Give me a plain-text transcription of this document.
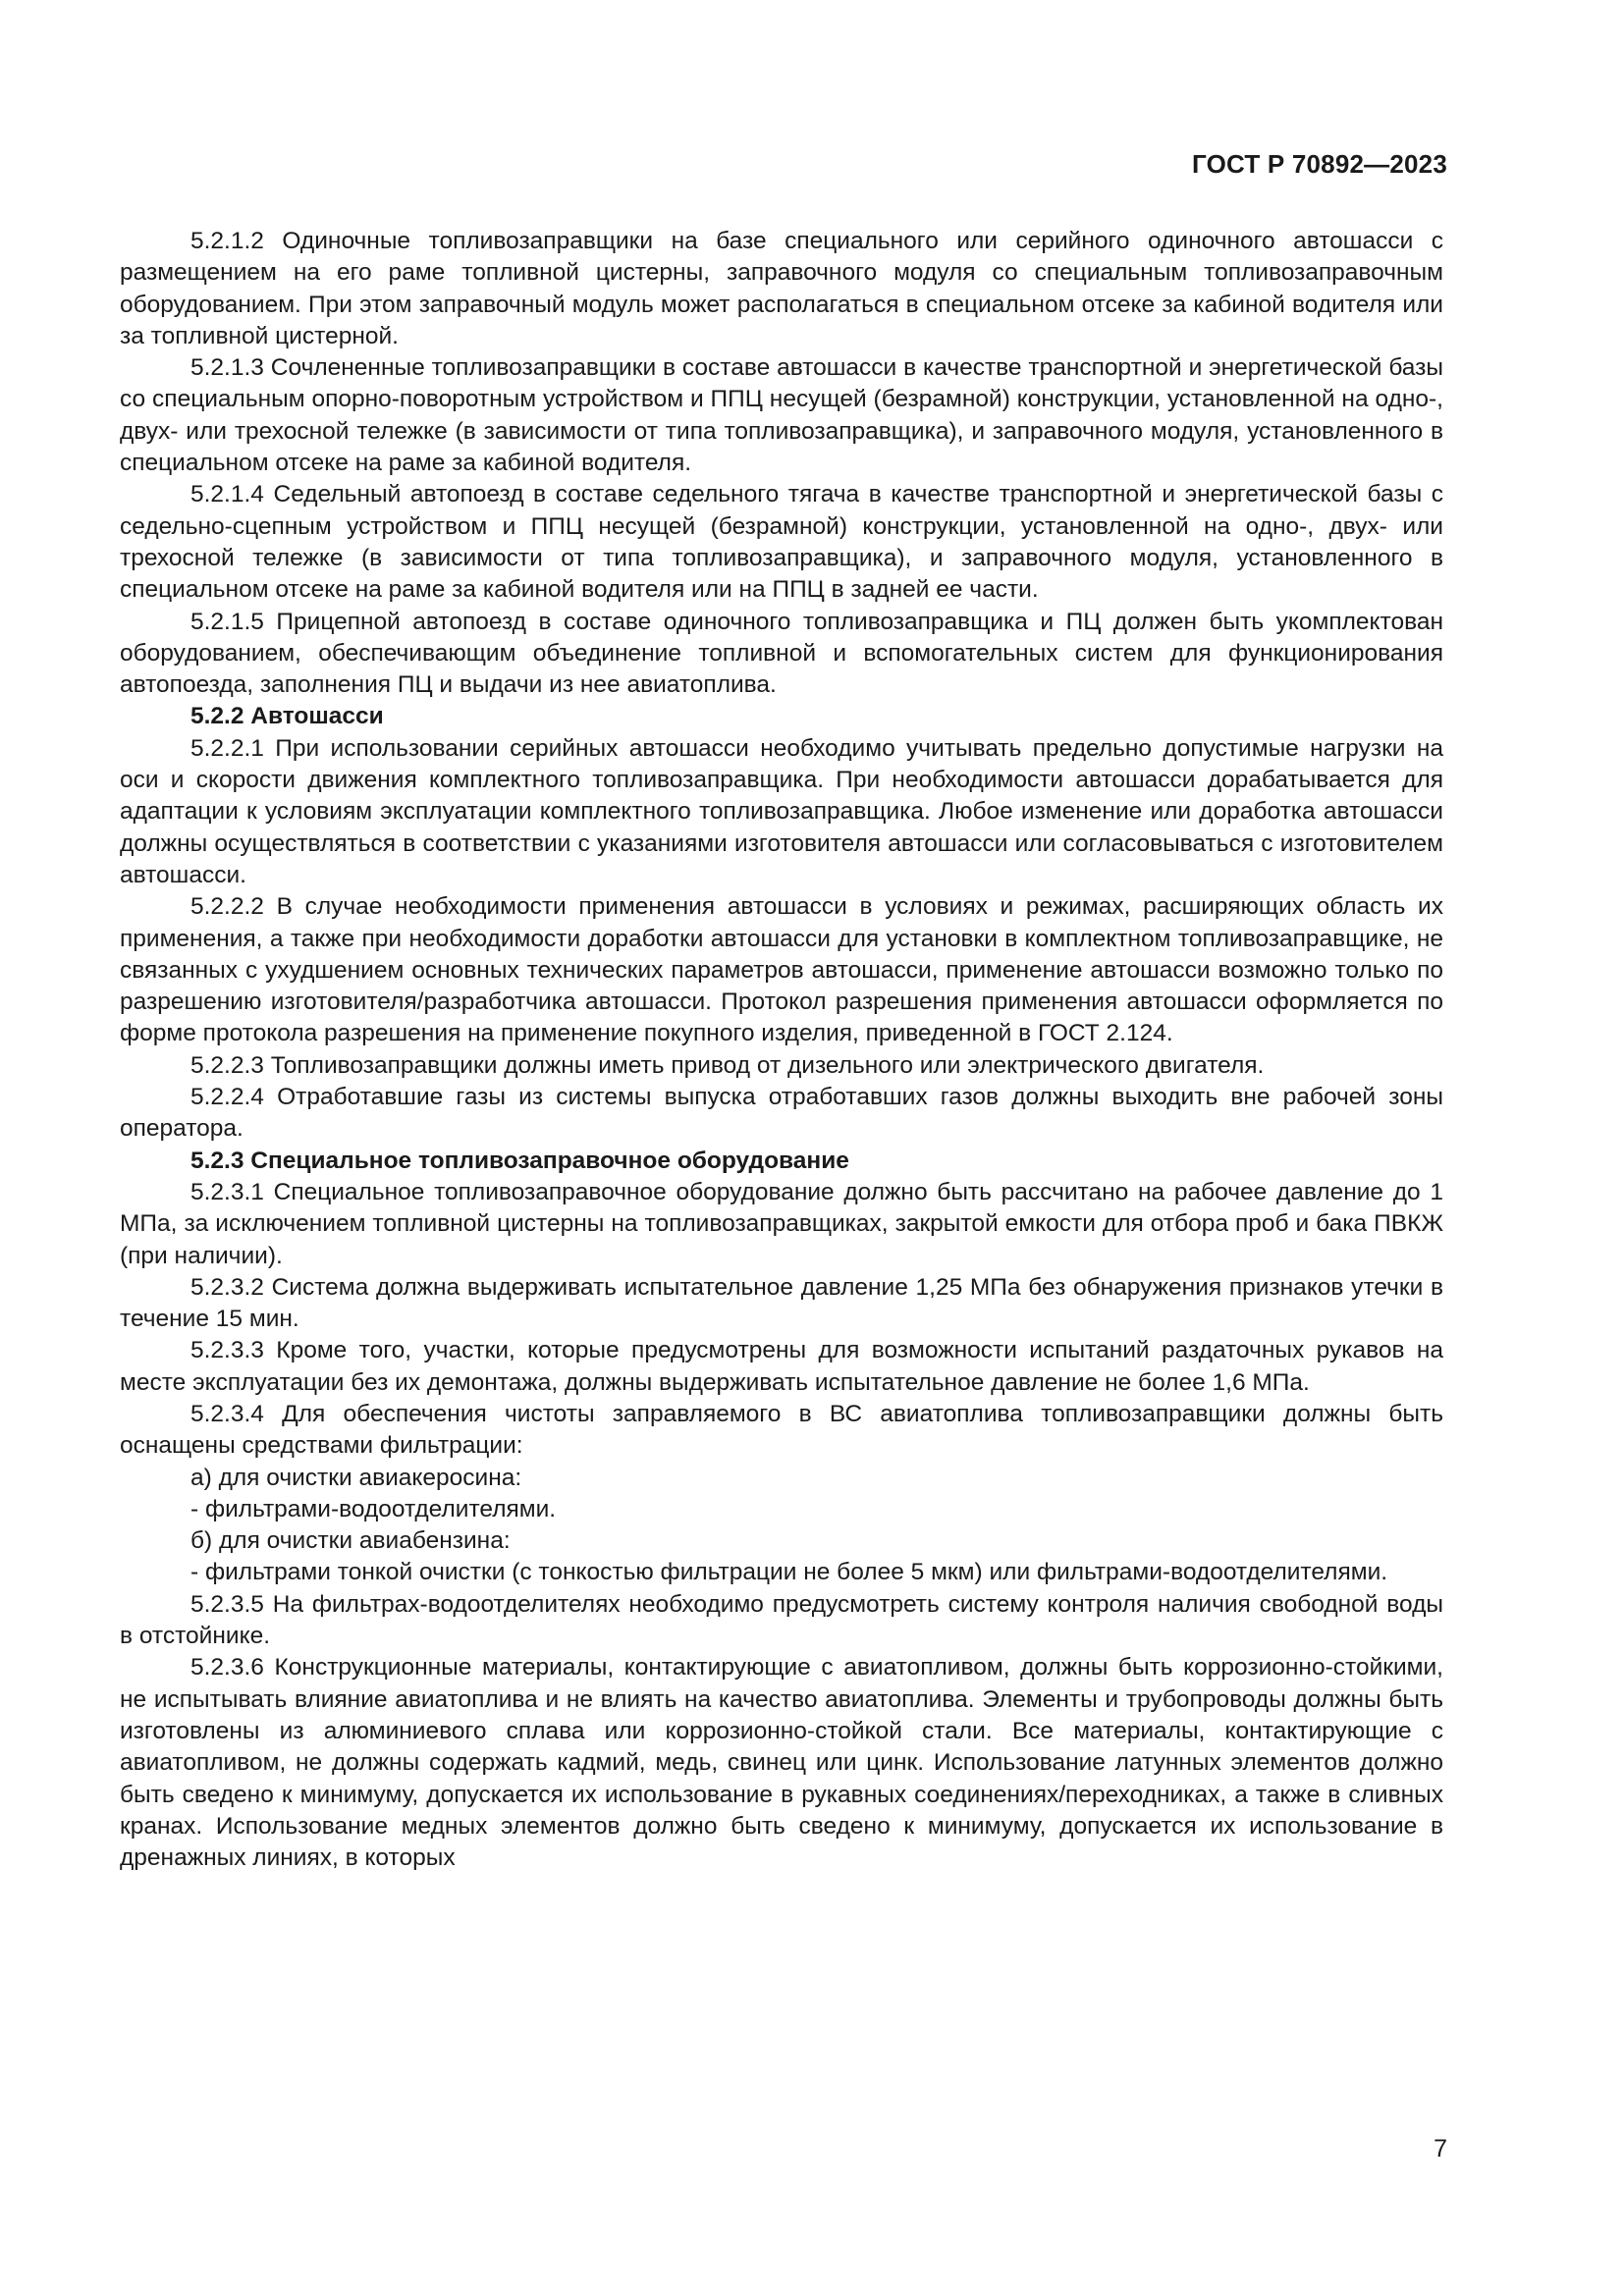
ГОСТ Р 70892—2023

5.2.1.2 Одиночные топливозаправщики на базе специального или серийного одиночного автошасси с размещением на его раме топливной цистерны, заправочного модуля со специальным топливозаправочным оборудованием. При этом заправочный модуль может располагаться в специальном отсеке за кабиной водителя или за топливной цистерной.

5.2.1.3 Сочлененные топливозаправщики в составе автошасси в качестве транспортной и энергетической базы со специальным опорно-поворотным устройством и ППЦ несущей (безрамной) конструкции, установленной на одно-, двух- или трехосной тележке (в зависимости от типа топливозаправщика), и заправочного модуля, установленного в специальном отсеке на раме за кабиной водителя.

5.2.1.4 Седельный автопоезд в составе седельного тягача в качестве транспортной и энергетической базы с седельно-сцепным устройством и ППЦ несущей (безрамной) конструкции, установленной на одно-, двух- или трехосной тележке (в зависимости от типа топливозаправщика), и заправочного модуля, установленного в специальном отсеке на раме за кабиной водителя или на ППЦ в задней ее части.

5.2.1.5 Прицепной автопоезд в составе одиночного топливозаправщика и ПЦ должен быть укомплектован оборудованием, обеспечивающим объединение топливной и вспомогательных систем для функционирования автопоезда, заполнения ПЦ и выдачи из нее авиатоплива.

5.2.2 Автошасси

5.2.2.1 При использовании серийных автошасси необходимо учитывать предельно допустимые нагрузки на оси и скорости движения комплектного топливозаправщика. При необходимости автошасси дорабатывается для адаптации к условиям эксплуатации комплектного топливозаправщика. Любое изменение или доработка автошасси должны осуществляться в соответствии с указаниями изготовителя автошасси или согласовываться с изготовителем автошасси.

5.2.2.2 В случае необходимости применения автошасси в условиях и режимах, расширяющих область их применения, а также при необходимости доработки автошасси для установки в комплектном топливозаправщике, не связанных с ухудшением основных технических параметров автошасси, применение автошасси возможно только по разрешению изготовителя/разработчика автошасси. Протокол разрешения применения автошасси оформляется по форме протокола разрешения на применение покупного изделия, приведенной в ГОСТ 2.124.

5.2.2.3 Топливозаправщики должны иметь привод от дизельного или электрического двигателя.

5.2.2.4 Отработавшие газы из системы выпуска отработавших газов должны выходить вне рабочей зоны оператора.

5.2.3 Специальное топливозаправочное оборудование

5.2.3.1 Специальное топливозаправочное оборудование должно быть рассчитано на рабочее давление до 1 МПа, за исключением топливной цистерны на топливозаправщиках, закрытой емкости для отбора проб и бака ПВКЖ (при наличии).

5.2.3.2 Система должна выдерживать испытательное давление 1,25 МПа без обнаружения признаков утечки в течение 15 мин.

5.2.3.3 Кроме того, участки, которые предусмотрены для возможности испытаний раздаточных рукавов на месте эксплуатации без их демонтажа, должны выдерживать испытательное давление не более 1,6 МПа.

5.2.3.4 Для обеспечения чистоты заправляемого в ВС авиатоплива топливозаправщики должны быть оснащены средствами фильтрации:

а) для очистки авиакеросина:

- фильтрами-водоотделителями.

б) для очистки авиабензина:

- фильтрами тонкой очистки (с тонкостью фильтрации не более 5 мкм) или фильтрами-водоотделителями.

5.2.3.5 На фильтрах-водоотделителях необходимо предусмотреть систему контроля наличия свободной воды в отстойнике.

5.2.3.6 Конструкционные материалы, контактирующие с авиатопливом, должны быть коррозионно-стойкими, не испытывать влияние авиатоплива и не влиять на качество авиатоплива. Элементы и трубопроводы должны быть изготовлены из алюминиевого сплава или коррозионно-стойкой стали. Все материалы, контактирующие с авиатопливом, не должны содержать кадмий, медь, свинец или цинк. Использование латунных элементов должно быть сведено к минимуму, допускается их использование в рукавных соединениях/переходниках, а также в сливных кранах. Использование медных элементов должно быть сведено к минимуму, допускается их использование в дренажных линиях, в которых

7
